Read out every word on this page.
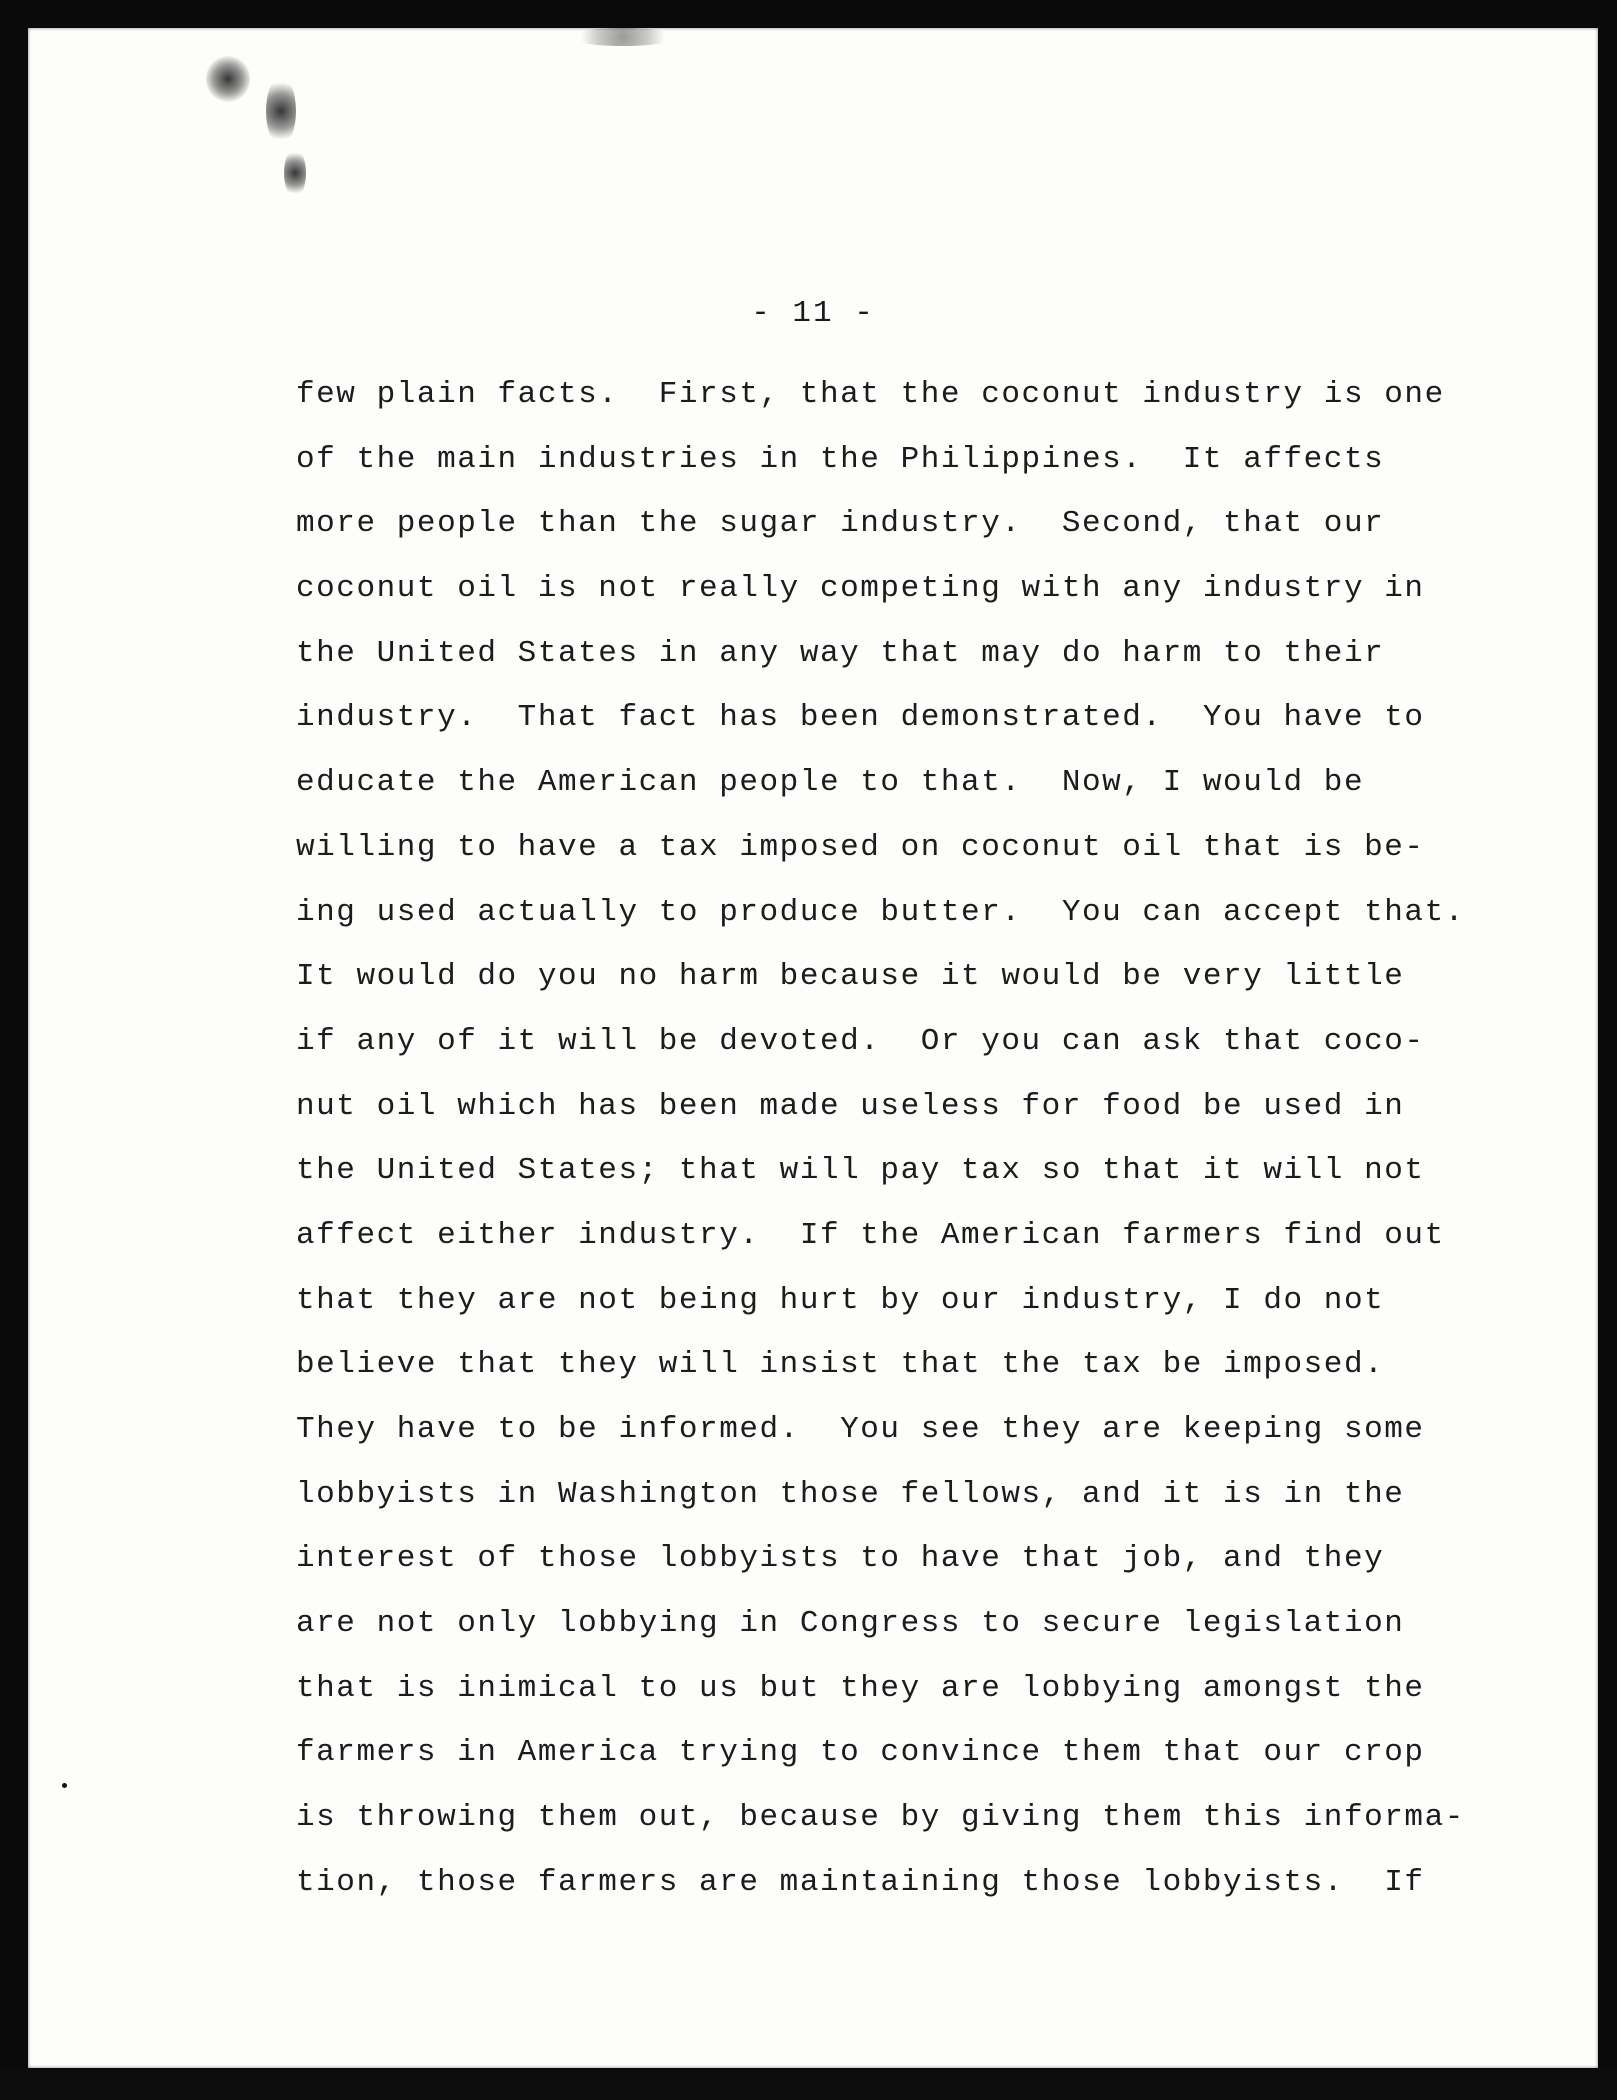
- 11 -
few plain facts.  First, that the coconut industry is one
of the main industries in the Philippines.  It affects
more people than the sugar industry.  Second, that our
coconut oil is not really competing with any industry in
the United States in any way that may do harm to their
industry.  That fact has been demonstrated.  You have to
educate the American people to that.  Now, I would be
willing to have a tax imposed on coconut oil that is be-
ing used actually to produce butter.  You can accept that.
It would do you no harm because it would be very little
if any of it will be devoted.  Or you can ask that coco-
nut oil which has been made useless for food be used in
the United States; that will pay tax so that it will not
affect either industry.  If the American farmers find out
that they are not being hurt by our industry, I do not
believe that they will insist that the tax be imposed.
They have to be informed.  You see they are keeping some
lobbyists in Washington those fellows, and it is in the
interest of those lobbyists to have that job, and they
are not only lobbying in Congress to secure legislation
that is inimical to us but they are lobbying amongst the
farmers in America trying to convince them that our crop
is throwing them out, because by giving them this informa-
tion, those farmers are maintaining those lobbyists.  If
